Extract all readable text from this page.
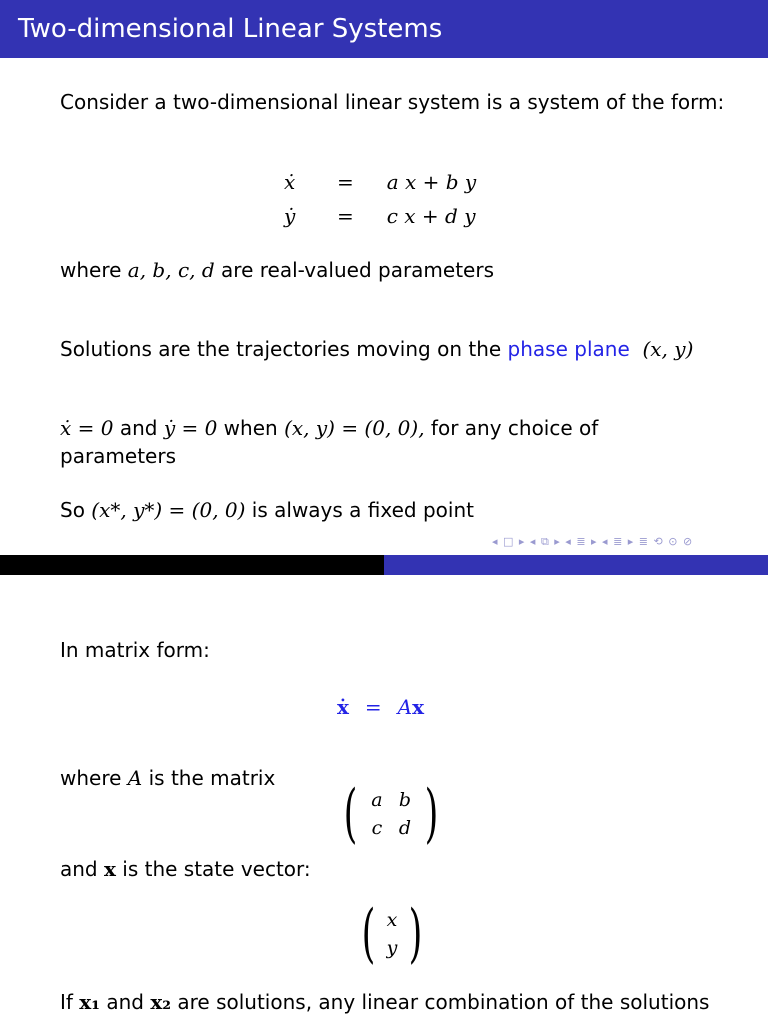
Two-dimensional Linear Systems
Consider a two-dimensional linear system is a system of the form:
ẋ = a x + b y
ẏ = c x + d y
where a, b, c, d are real-valued parameters
Solutions are the trajectories moving on the phase plane (x, y)
ẋ = 0 and ẏ = 0 when (x, y) = (0, 0), for any choice of
parameters
So (x*, y*) = (0, 0) is always a fixed point
◂ □ ▸ ◂ ⧉ ▸ ◂ ≣ ▸ ◂ ≣ ▸ ≣ ⟲ ⊙ ⊘
In matrix form:
ẋ = Ax
where A is the matrix ( a b
c d )
and x is the state vector:
( x
y )
If x₁ and x₂ are solutions, any linear combination of the solutions
